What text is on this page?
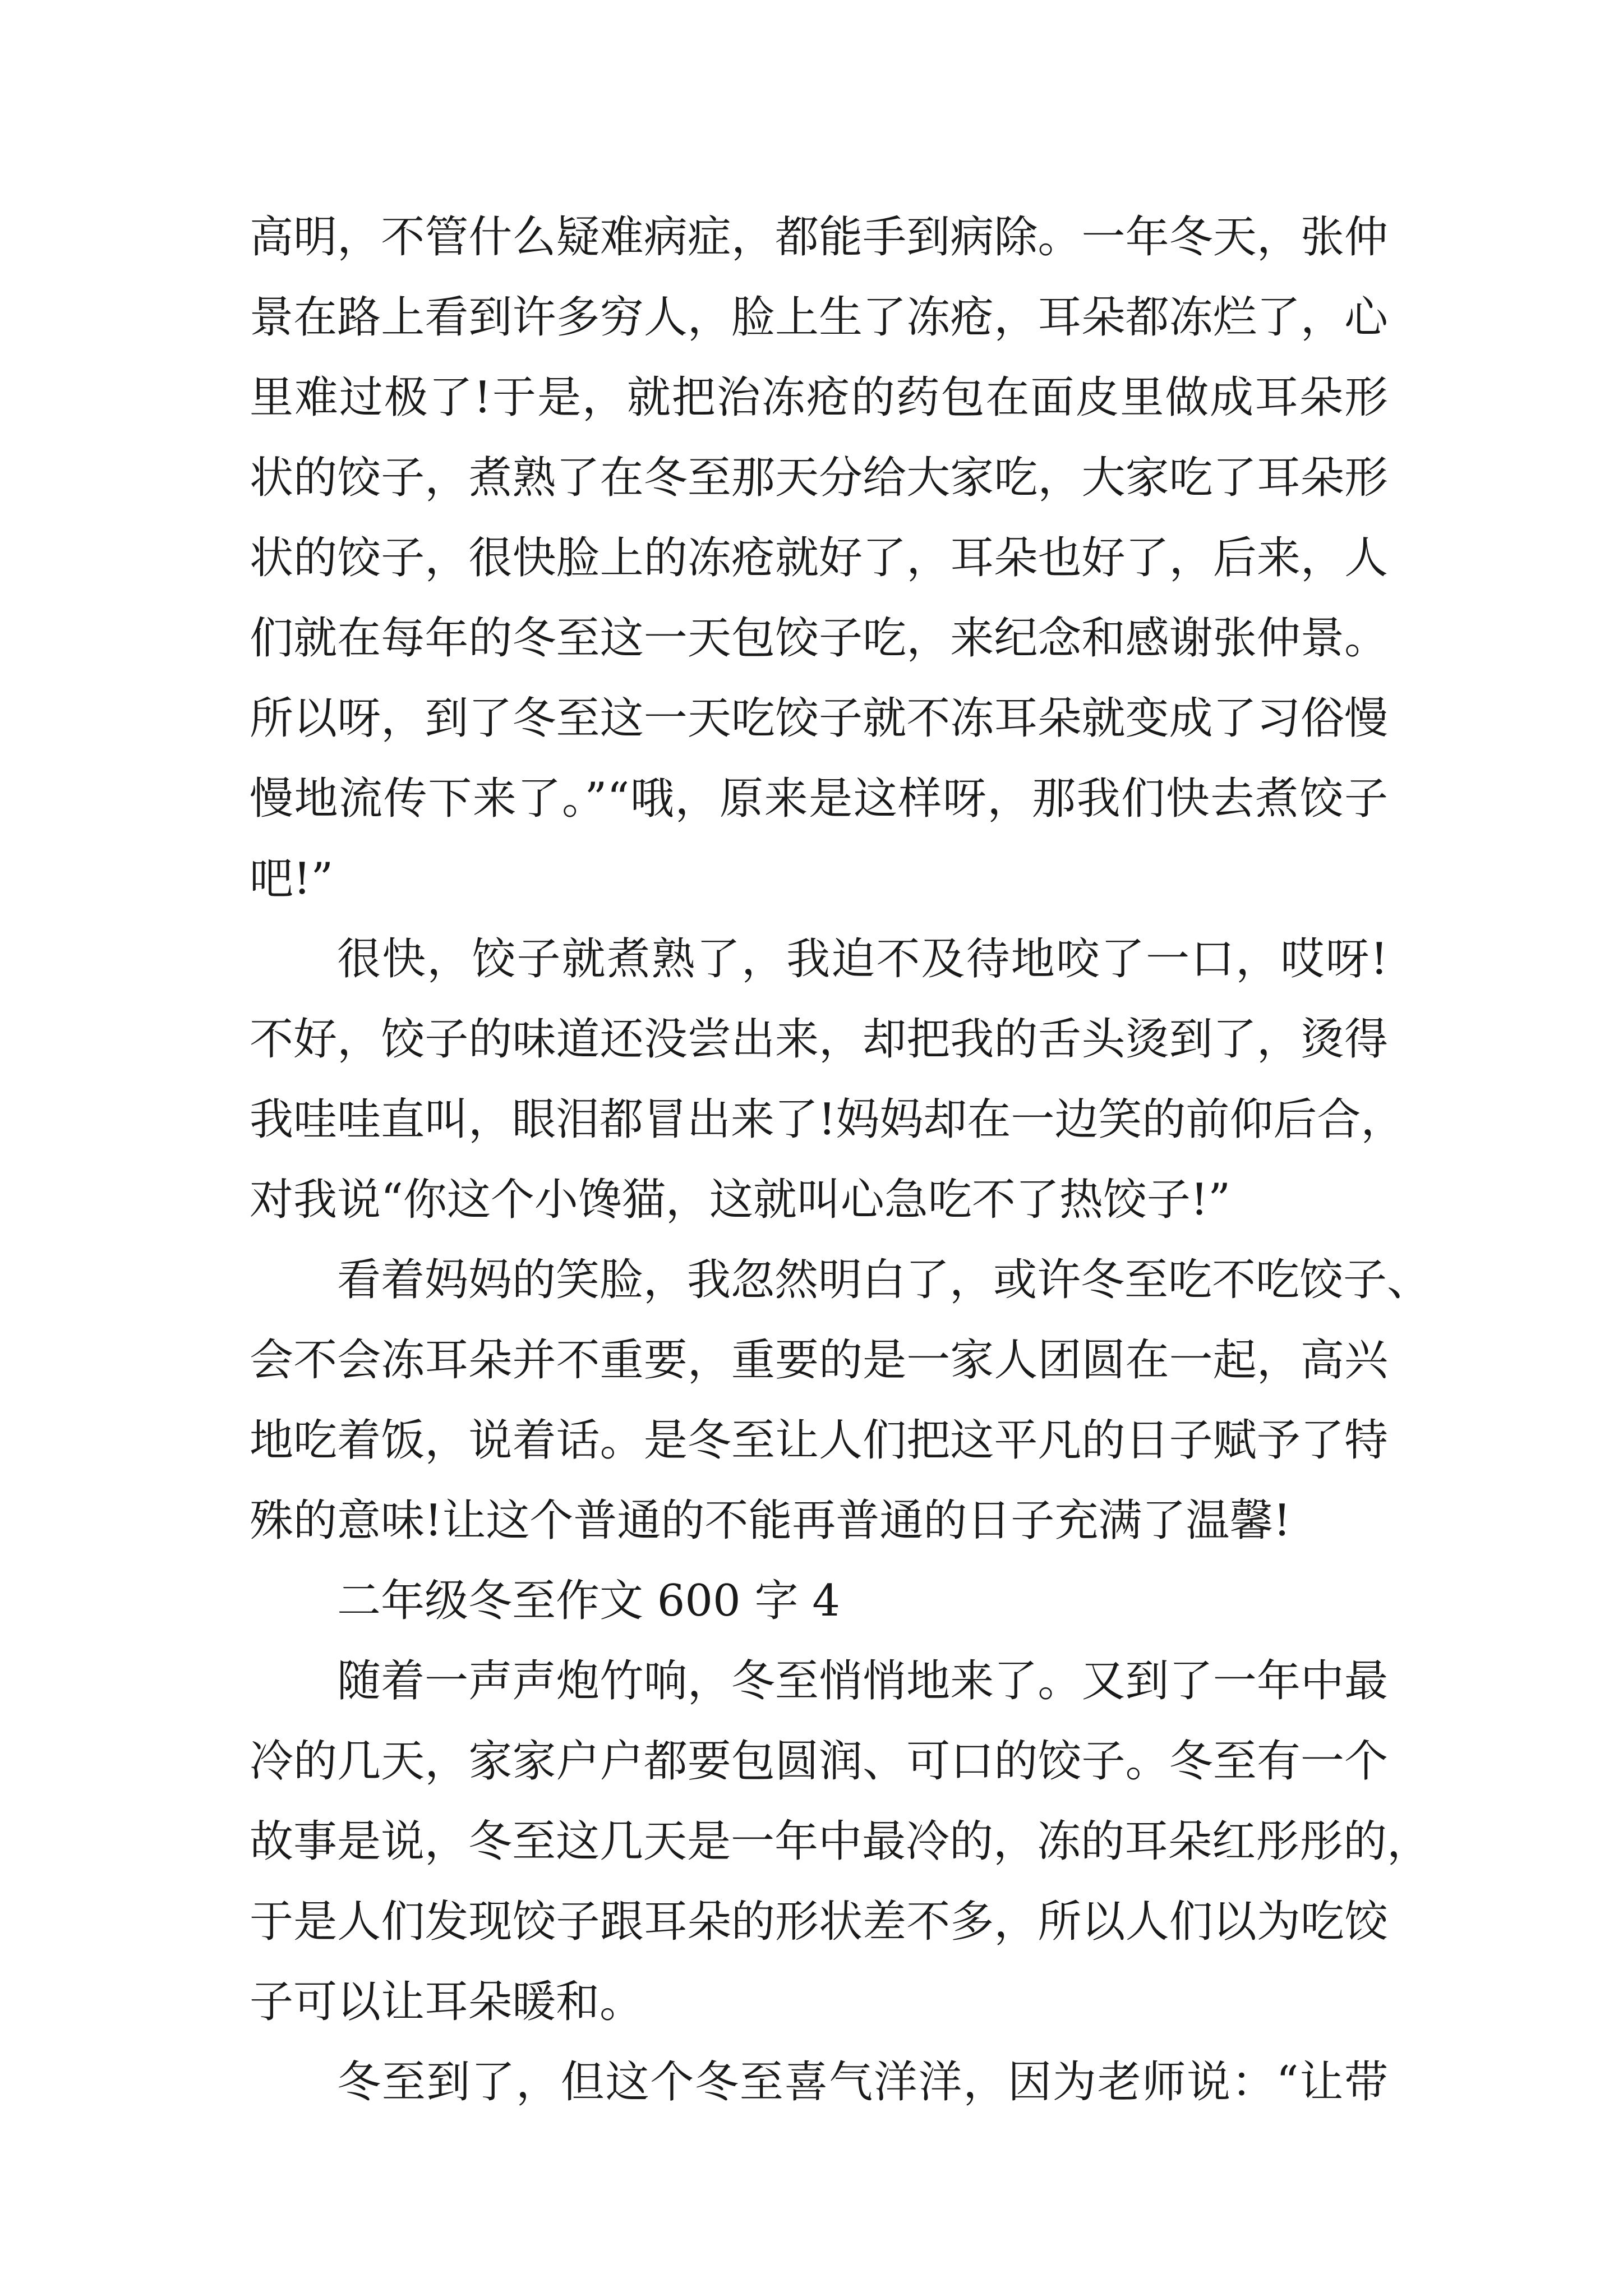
高明，不管什么疑难病症，都能手到病除。一年冬天，张仲
景在路上看到许多穷人，脸上生了冻疮，耳朵都冻烂了，心
里难过极了!于是，就把治冻疮的药包在面皮里做成耳朵形
状的饺子，煮熟了在冬至那天分给大家吃，大家吃了耳朵形
状的饺子，很快脸上的冻疮就好了，耳朵也好了，后来，人
们就在每年的冬至这一天包饺子吃，来纪念和感谢张仲景。
所以呀，到了冬至这一天吃饺子就不冻耳朵就变成了习俗慢
慢地流传下来了。”“哦，原来是这样呀，那我们快去煮饺子
吧!”
很快，饺子就煮熟了，我迫不及待地咬了一口，哎呀!
不好，饺子的味道还没尝出来，却把我的舌头烫到了，烫得
我哇哇直叫，眼泪都冒出来了!妈妈却在一边笑的前仰后合，
对我说“你这个小馋猫，这就叫心急吃不了热饺子!”
看着妈妈的笑脸，我忽然明白了，或许冬至吃不吃饺子、
会不会冻耳朵并不重要，重要的是一家人团圆在一起，高兴
地吃着饭，说着话。是冬至让人们把这平凡的日子赋予了特
殊的意味!让这个普通的不能再普通的日子充满了温馨!
二年级冬至作文 600 字 4
随着一声声炮竹响，冬至悄悄地来了。又到了一年中最
冷的几天，家家户户都要包圆润、可口的饺子。冬至有一个
故事是说，冬至这几天是一年中最冷的，冻的耳朵红彤彤的，
于是人们发现饺子跟耳朵的形状差不多，所以人们以为吃饺
子可以让耳朵暖和。
冬至到了，但这个冬至喜气洋洋，因为老师说：“让带
